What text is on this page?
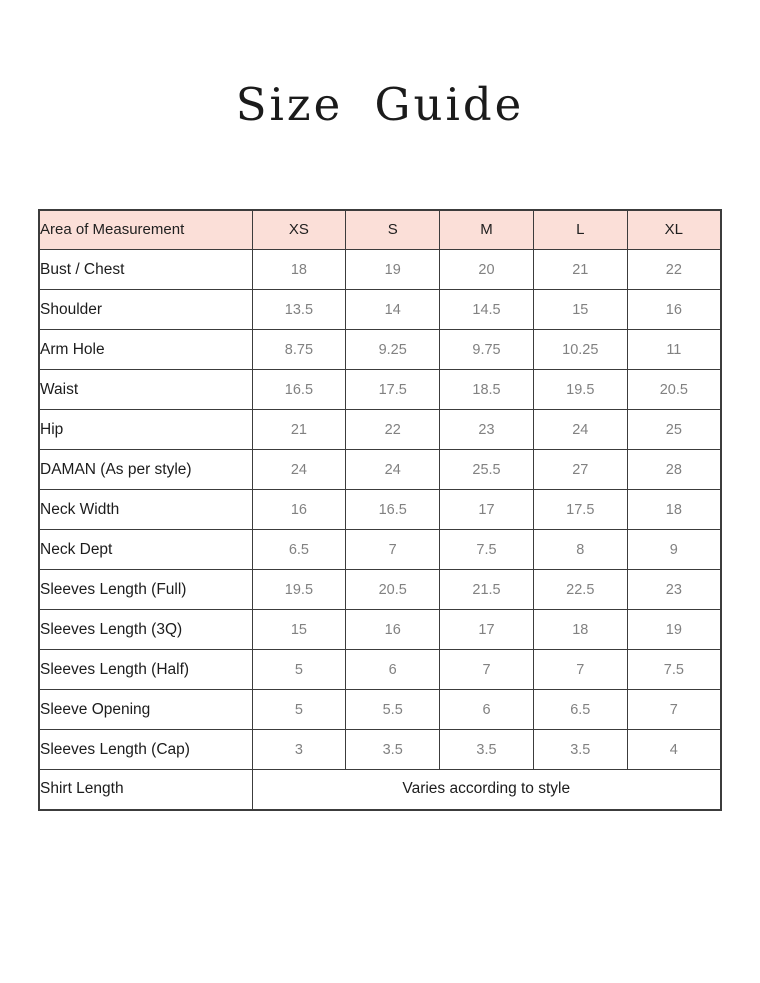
Size Guide
Area of Measurement	XS	S	M	L	XL
Bust / Chest	18	19	20	21	22
Shoulder	13.5	14	14.5	15	16
Arm Hole	8.75	9.25	9.75	10.25	11
Waist	16.5	17.5	18.5	19.5	20.5
Hip	21	22	23	24	25
DAMAN (As per style)	24	24	25.5	27	28
Neck Width	16	16.5	17	17.5	18
Neck Dept	6.5	7	7.5	8	9
Sleeves Length (Full)	19.5	20.5	21.5	22.5	23
Sleeves Length (3Q)	15	16	17	18	19
Sleeves Length (Half)	5	6	7	7	7.5
Sleeve Opening	5	5.5	6	6.5	7
Sleeves Length (Cap)	3	3.5	3.5	3.5	4
Shirt Length	Varies according to style				
